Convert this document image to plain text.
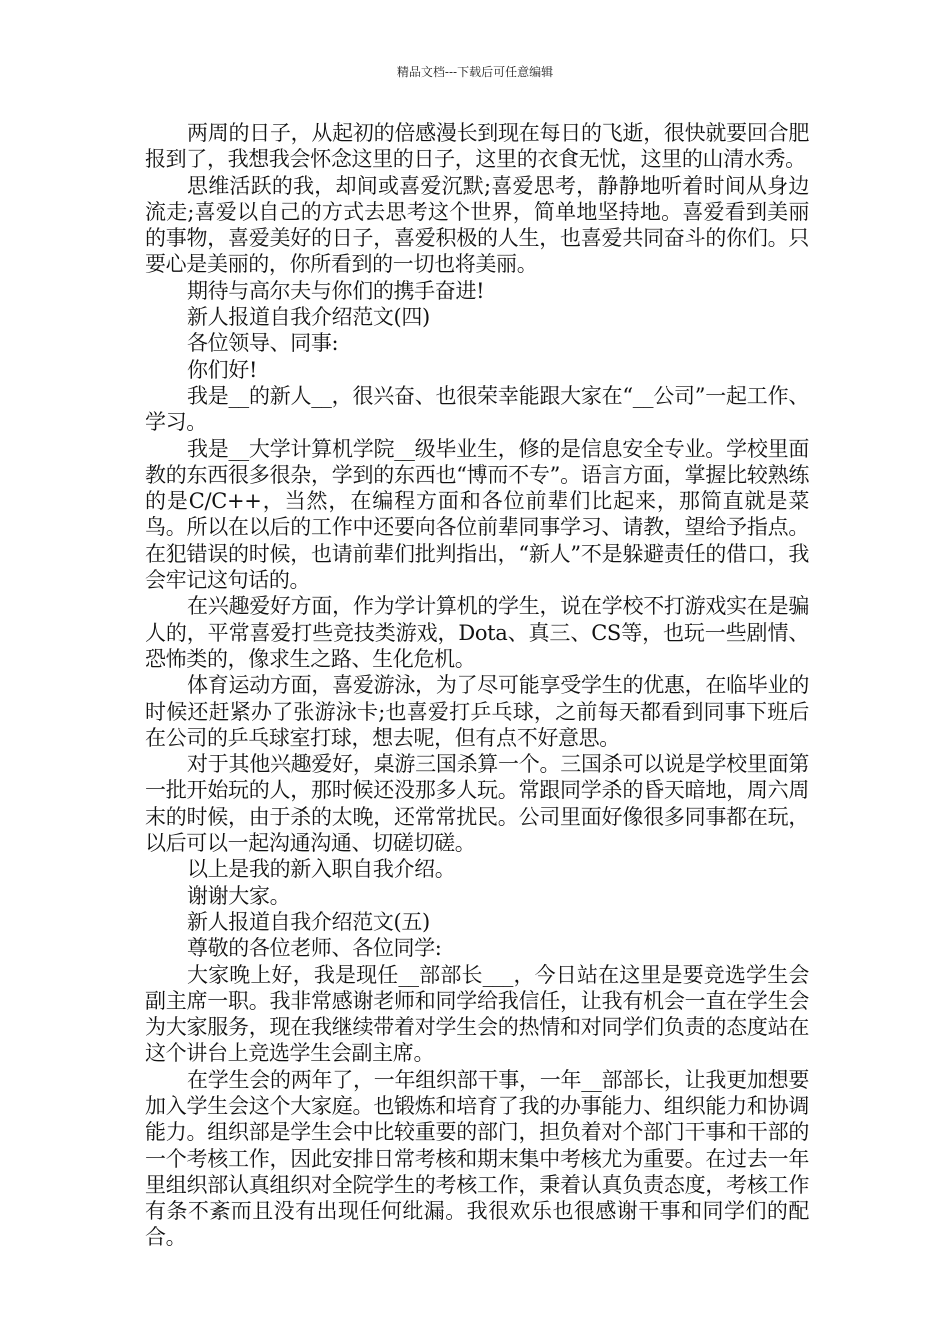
精品文档---下载后可任意编辑

两周的日子，从起初的倍感漫长到现在每日的飞逝，很快就要回合肥报到了，我想我会怀念这里的日子，这里的衣食无忧，这里的山清水秀。

思维活跃的我，却间或喜爱沉默;喜爱思考，静静地听着时间从身边流走;喜爱以自己的方式去思考这个世界，简单地坚持地。喜爱看到美丽的事物，喜爱美好的日子，喜爱积极的人生，也喜爱共同奋斗的你们。只要心是美丽的，你所看到的一切也将美丽。

期待与高尔夫与你们的携手奋进!

新人报道自我介绍范文(四)

各位领导、同事:

你们好!

我是__的新人__，很兴奋、也很荣幸能跟大家在“__公司”一起工作、学习。

我是__大学计算机学院__级毕业生，修的是信息安全专业。学校里面教的东西很多很杂，学到的东西也“博而不专”。语言方面，掌握比较熟练的是C/C++，当然，在编程方面和各位前辈们比起来，那简直就是菜鸟。所以在以后的工作中还要向各位前辈同事学习、请教，望给予指点。在犯错误的时候，也请前辈们批判指出，“新人”不是躲避责任的借口，我会牢记这句话的。

在兴趣爱好方面，作为学计算机的学生，说在学校不打游戏实在是骗人的，平常喜爱打些竞技类游戏，Dota、真三、CS等，也玩一些剧情、恐怖类的，像求生之路、生化危机。

体育运动方面，喜爱游泳，为了尽可能享受学生的优惠，在临毕业的时候还赶紧办了张游泳卡;也喜爱打乒乓球，之前每天都看到同事下班后在公司的乒乓球室打球，想去呢，但有点不好意思。

对于其他兴趣爱好，桌游三国杀算一个。三国杀可以说是学校里面第一批开始玩的人，那时候还没那多人玩。常跟同学杀的昏天暗地，周六周末的时候，由于杀的太晚，还常常扰民。公司里面好像很多同事都在玩，以后可以一起沟通沟通、切磋切磋。

以上是我的新入职自我介绍。

谢谢大家。

新人报道自我介绍范文(五)

尊敬的各位老师、各位同学:

大家晚上好，我是现任__部部长___，今日站在这里是要竞选学生会副主席一职。我非常感谢老师和同学给我信任，让我有机会一直在学生会为大家服务，现在我继续带着对学生会的热情和对同学们负责的态度站在这个讲台上竞选学生会副主席。

在学生会的两年了，一年组织部干事，一年__部部长，让我更加想要加入学生会这个大家庭。也锻炼和培育了我的办事能力、组织能力和协调能力。组织部是学生会中比较重要的部门，担负着对个部门干事和干部的一个考核工作，因此安排日常考核和期末集中考核尤为重要。在过去一年里组织部认真组织对全院学生的考核工作，秉着认真负责态度，考核工作有条不紊而且没有出现任何纰漏。我很欢乐也很感谢干事和同学们的配合。
